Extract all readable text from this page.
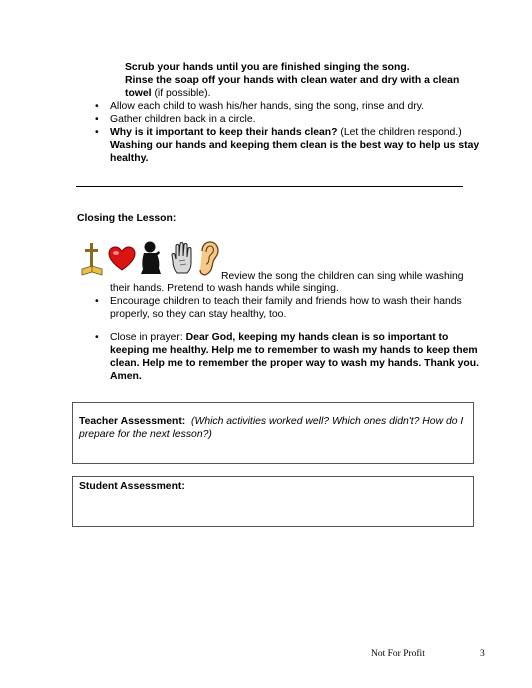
Scrub your hands until you are finished singing the song.
Rinse the soap off your hands with clean water and dry with a clean
towel (if possible).
• Allow each child to wash his/her hands, sing the song, rinse and dry.
• Gather children back in a circle.
• Why is it important to keep their hands clean? (Let the children respond.)
Washing our hands and keeping them clean is the best way to help us stay
healthy.
Closing the Lesson:
Review the song the children can sing while washing
their hands. Pretend to wash hands while singing.
• Encourage children to teach their family and friends how to wash their hands
properly, so they can stay healthy, too.
• Close in prayer: Dear God, keeping my hands clean is so important to
keeping me healthy. Help me to remember to wash my hands to keep them
clean. Help me to remember the proper way to wash my hands. Thank you.
Amen.
Teacher Assessment: (Which activities worked well? Which ones didn't? How do I
prepare for the next lesson?)
Student Assessment:
Not For Profit	3
